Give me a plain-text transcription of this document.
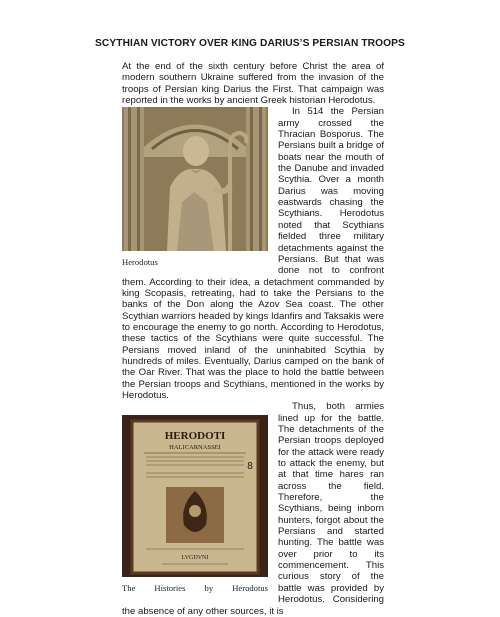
SCYTHIAN VICTORY OVER KING DARIUS’S PERSIAN TROOPS

At the end of the sixth century before Christ the area of modern southern Ukraine suffered from the invasion of the troops of Persian king Darius the First. That campaign was reported in the works by ancient Greek historian Herodotus.

Herodotus

In 514 the Persian army crossed the Thracian Bosporus. The Persians built a bridge of boats near the mouth of the Danube and invaded Scythia. Over a month Darius was moving eastwards chasing the Scythians. Herodotus noted that Scythians fielded three military detachments against the Persians. But that was done not to confront them. According to their idea, a detachment commanded by king Scopasis, retreating, had to take the Persians to the banks of the Don along the Azov Sea coast. The other Scythian warriors headed by kings Idanfirs and Taksakis were to encourage the enemy to go north. According to Herodotus, these tactics of the Scythians were quite successful. The Persians moved inland of the uninhabited Scythia by hundreds of miles. Eventually, Darius camped on the bank of the Oar River. That was the place to hold the battle between the Persian troops and Scythians, mentioned in the works by Herodotus.

HERODOTI
HALICARNASSEI
LVGDVNI
The Histories by Herodotus

Thus, both armies lined up for the battle. The detachments of the Persian troops deployed for the attack were ready to attack the enemy, but at that time hares ran across the field. Therefore, the Scythians, being inborn hunters, forgot about the Persians and started hunting. The battle was over prior to its commencement. This curious story of the battle was provided by Herodotus. Considering the absence of any other sources, it is

8
